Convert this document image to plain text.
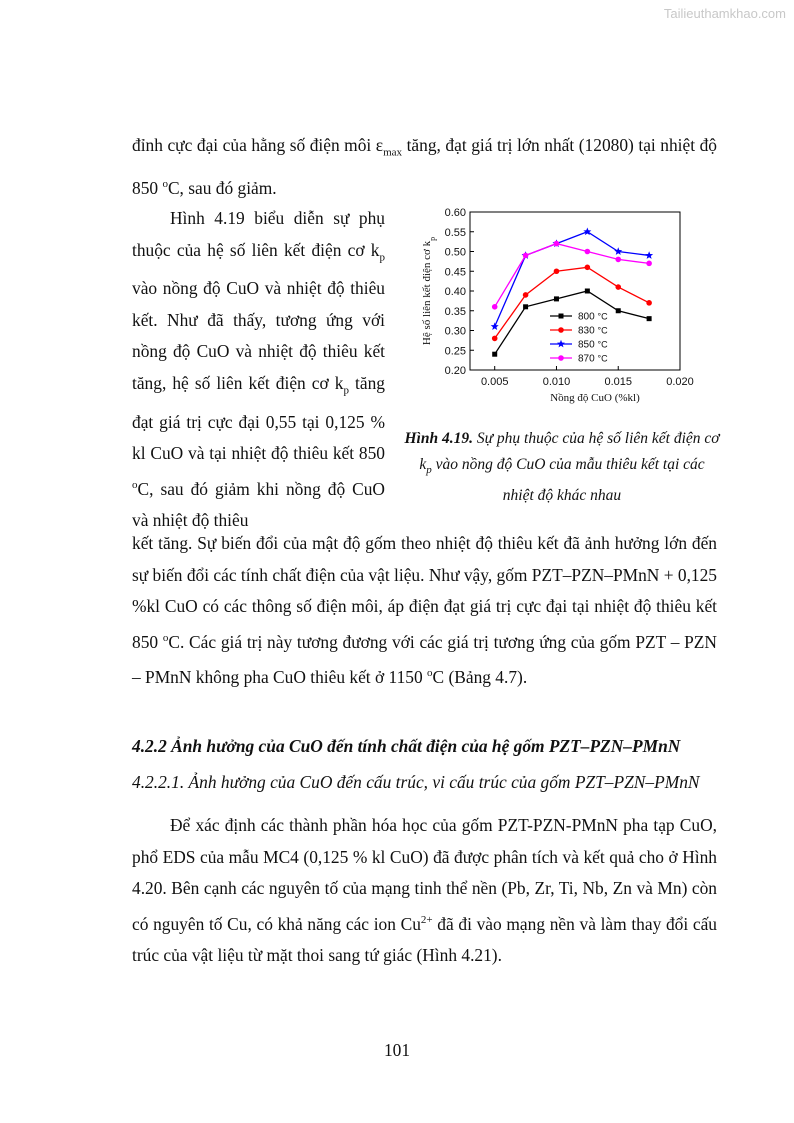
Tailieuthamkhao.com
đỉnh cực đại của hằng số điện môi $\varepsilon_{max}$ tăng, đạt giá trị lớn nhất (12080) tại nhiệt độ 850 $^o$C, sau đó giảm.
Hình 4.19 biểu diễn sự phụ thuộc của hệ số liên kết điện cơ $k_p$ vào nồng độ CuO và nhiệt độ thiêu kết. Như đã thấy, tương ứng với nồng độ CuO và nhiệt độ thiêu kết tăng, hệ số liên kết điện cơ $k_p$ tăng đạt giá trị cực đại 0,55 tại 0,125 % kl CuO và tại nhiệt độ thiêu kết 850 $^o$C, sau đó giảm khi nồng độ CuO và nhiệt độ thiêu
0.20
0.25
0.30
0.35
0.40
0.45
0.50
0.55
0.60
0.005	0.010	0.015	0.020
Nồng độ CuO (%kl)
Hệ số liên kết điện cơ $k_p$
800 °C
830 °C
850 °C
870 °C
Hình 4.19. Sự phụ thuộc của hệ số liên kết điện cơ $k_p$ vào nồng độ CuO của mẫu thiêu kết tại các nhiệt độ khác nhau
kết tăng. Sự biến đổi của mật độ gốm theo nhiệt độ thiêu kết đã ảnh hưởng lớn đến sự biến đổi các tính chất điện của vật liệu. Như vậy, gốm PZT–PZN–PMnN + 0,125 %kl CuO có các thông số điện môi, áp điện đạt giá trị cực đại tại nhiệt độ thiêu kết 850 $^o$C. Các giá trị này tương đương với các giá trị tương ứng của gốm PZT – PZN – PMnN không pha CuO thiêu kết ở 1150 $^o$C (Bảng 4.7).
4.2.2 Ảnh hưởng của CuO đến tính chất điện của hệ gốm PZT–PZN–PMnN
4.2.2.1. Ảnh hưởng của CuO đến cấu trúc, vi cấu trúc của gốm PZT–PZN–PMnN
Để xác định các thành phần hóa học của gốm PZT-PZN-PMnN pha tạp CuO, phổ EDS của mẫu MC4 (0,125 % kl CuO) đã được phân tích và kết quả cho ở Hình 4.20. Bên cạnh các nguyên tố của mạng tinh thể nền (Pb, Zr, Ti, Nb, Zn và Mn) còn có nguyên tố Cu, có khả năng các ion $Cu^{2+}$ đã đi vào mạng nền và làm thay đổi cấu trúc của vật liệu từ mặt thoi sang tứ giác (Hình 4.21).
101
